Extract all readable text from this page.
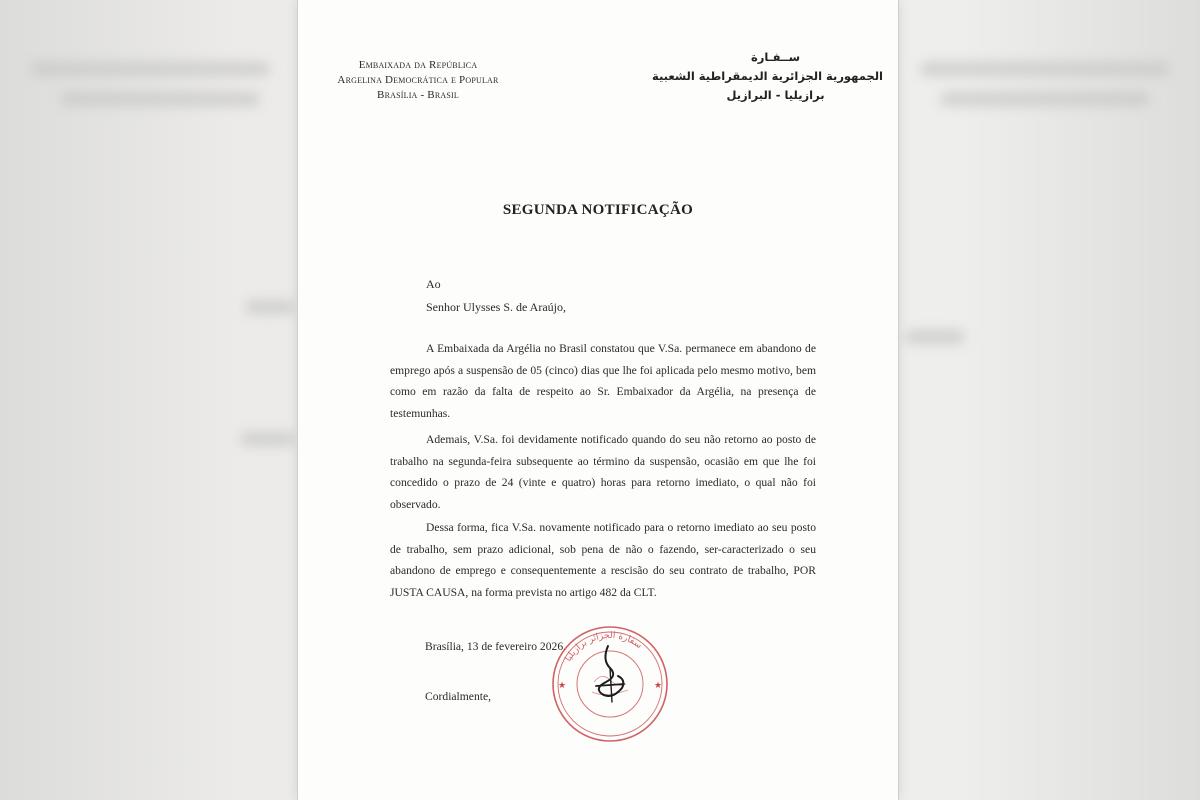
Embaixada da República
Argelina Democrática e Popular
Brasília - Brasil
ســفـارة
الجمهورية الجزائرية الديمقراطية الشعبية
برازيليا - البرازيل
SEGUNDA NOTIFICAÇÃO
Ao
Senhor Ulysses S. de Araújo,

A Embaixada da Argélia no Brasil constatou que V.Sa. permanece em abandono de emprego após a suspensão de 05 (cinco) dias que lhe foi aplicada pelo mesmo motivo, bem como em razão da falta de respeito ao Sr. Embaixador da Argélia, na presença de testemunhas.

Ademais, V.Sa. foi devidamente notificado quando do seu não retorno ao posto de trabalho na segunda-feira subsequente ao término da suspensão, ocasião em que lhe foi concedido o prazo de 24 (vinte e quatro) horas para retorno imediato, o qual não foi observado.

Dessa forma, fica V.Sa. novamente notificado para o retorno imediato ao seu posto de trabalho, sem prazo adicional, sob pena de não o fazendo, ser-caracterizado o seu abandono de emprego e consequentemente a rescisão do seu contrato de trabalho, POR JUSTA CAUSA, na forma prevista no artigo 482 da CLT.

Brasília, 13 de fevereiro 2026.
Cordialmente,
سفارة الجزائر برازيليا
★	★
